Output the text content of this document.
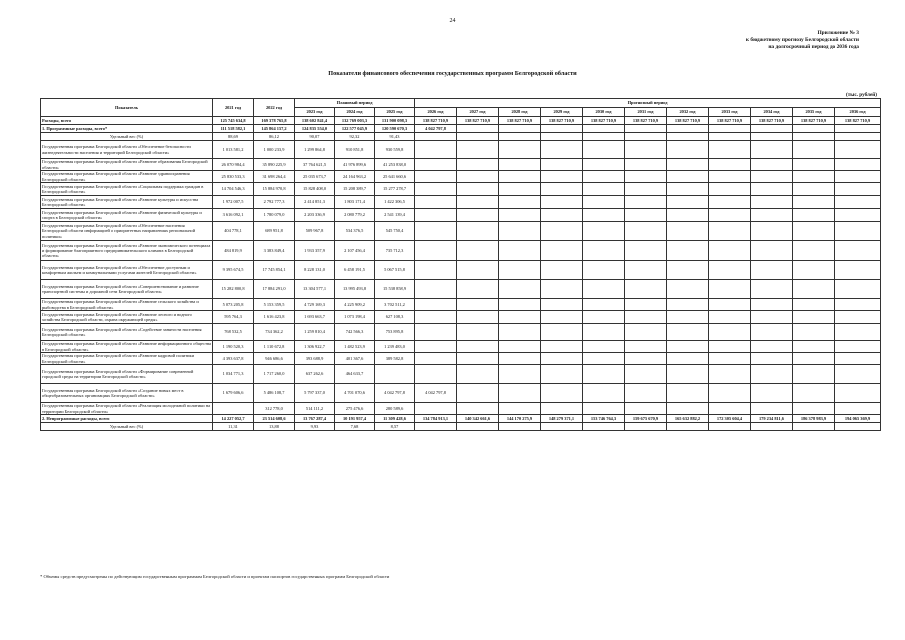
24
Приложение № 3
к бюджетному прогнозу Белгородской области
на долгосрочный период до 2036 года
Показатели финансового обеспечения государственных программ Белгородской области
(тыс. рублей)
Показатель	2021 год	2022 год	Плановый период			Прогнозный период										
			2023 год	2024 год	2025 год	2026 год	2027 год	2028 год	2029 год	2030 год	2031 год	2032 год	2033 год	2034 год	2035 год	2036 год
Расходы, всего	125 745 634,8	169 378 765,8	138 602 841,4	132 769 003,3	131 900 098,3	138 827 710,9	138 827 710,9	138 827 710,9	138 827 710,9	138 827 710,9	138 827 710,9	138 827 710,9	138 827 710,9	138 827 710,9	138 827 710,9	138 827 710,9
1. Программные расходы, всего*	111 518 582,1	145 864 157,2	124 835 554,0	122 577 045,9	120 590 670,3	4 042 797,8										
Удельный вес (%)	88,69	86,12	90,07	92,32	91,43											
Государственная программа Белгородской области «Обеспечение безопасности жизнедеятельности населения и территорий Белгородской области»	1 013 581,2	1 000 233,9	1 299 864,8	910 851,8	930 559,8											
Государственная программа Белгородской области «Развитие образования Белгородской области»	26 070 984,4	35 890 225,9	37 764 621,5	41 976 899,6	41 253 838,0											
Государственная программа Белгородской области «Развитие здравоохранения Белгородской области»	25 830 533,3	31 698 264,4	25 035 673,7	24 164 963,2	25 641 660,6											
Государственная программа Белгородской области «Социальная поддержка граждан в Белгородской области»	14 704 546,3	15 884 970,8	15 828 408,0	15 208 389,7	15 277 278,7											
Государственная программа Белгородской области «Развитие культуры и искусства Белгородской области»	1 972 007,5	2 792 777,3	2 414 851,3	1 803 171,4	1 422 306,5											
Государственная программа Белгородской области «Развитие физической культуры и спорта в Белгородской области»	3 616 092,1	1 780 079,0	2 203 336,9	2 080 779,2	2 541 139,4											
Государственная программа Белгородской области «Обеспечение населения Белгородской области информацией о приоритетных направлениях региональной политики»	404 778,1	689 951,8	509 967,8	534 376,5	545 750,4											
Государственная программа Белгородской области «Развитие экономического потенциала и формирование благоприятного предпринимательского климата в Белгородской области»	484 819,9	3 383 849,4	1 933 357,9	2 107 456,4	735 712,3											
Государственная программа Белгородской области «Обеспечение доступным и комфортным жильем и коммунальными услугами жителей Белгородской области»	9 395 674,5	17 745 854,1	8 228 131,0	6 458 191,5	5 067 515,8											
Государственная программа Белгородской области «Совершенствование и развитие транспортной системы и дорожной сети Белгородской области»	15 282 800,8	17 884 291,0	13 304 577,1	13 995 493,8	15 538 858,9											
Государственная программа Белгородской области «Развитие сельского хозяйства и рыбоводства в Белгородской области»	5 073 205,8	5 153 359,5	4 729 169,3	4 225 909,2	3 702 511,2											
Государственная программа Белгородской области «Развитие лесного и водного хозяйства Белгородской области, охрана окружающей среды»	595 764,3	1 616 423,8	1 693 663,7	1 073 198,4	627 108,3											
Государственная программа Белгородской области «Содействие занятости населения Белгородской области»	768 532,5	734 362,2	1 259 810,4	742 566,3	753 895,8											
Государственная программа Белгородской области «Развитие информационного общества в Белгородской области»	1 190 520,3	1 110 672,8	1 306 922,7	1 482 523,9	1 239 483,0											
Государственная программа Белгородской области «Развитие кадровой политики Белгородской области»	4 393 637,8	946 686,6	393 688,9	401 367,6	389 582,8											
Государственная программа Белгородской области «Формирование современной городской среды на территории Белгородской области»	1 034 771,3	1 717 260,0	637 262,6	464 633,7												
Государственная программа Белгородской области «Создание новых мест в общеобразовательных организациях Белгородской области»	1 679 606,6	5 486 108,7	5 797 337,0	4 701 070,6	4 042 797,8	4 042 797,8										
Государственная программа Белгородской области «Реализация молодежной политики на территории Белгородской области»		312 778,0	514 111,2	275 476,6	280 589,6											
2. Непрограммные расходы, всего	14 227 052,7	23 514 608,6	13 767 287,4	10 191 957,4	11 309 428,6	134 784 913,1	140 342 661,6	144 170 275,9	148 279 371,1	153 746 764,3	159 675 670,9	165 632 882,2	172 305 604,4	179 234 811,6	186 378 983,9	194 065 369,9
Удельный вес (%)	11,31	13,88	9,93	7,68	8,57											
* Объемы средств предусмотрены по действующим государственным программам Белгородской области и проектам паспортов государственных программ Белгородской области
